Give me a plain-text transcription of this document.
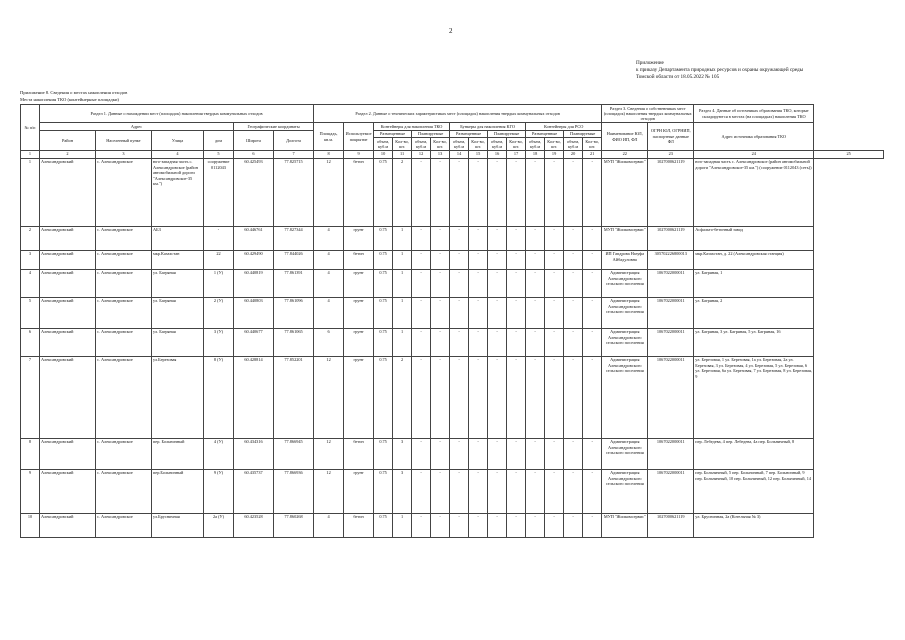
2
Приложение
к приказу Департамента природных ресурсов и охраны окружающей среды
Томской области от 18.05.2022 № 105
Приложение 8. Сведения о местах накопления отходов
Места накопления ТКО (контейнерные площадки)
№ п/п	Раздел 1. Данные о нахождении мест (площадок) накопления твердых коммунальных отходов						Раздел 2. Данные о технических характеристиках мест (площадок) накопления твердых коммунальных отходов														Раздел 3. Сведения о собственниках мест (площадок) накопления твердых коммунальных отходов		Раздел 4. Данные об источниках образования ТКО, которые складируются в местах (на площадках) накопления ТКО	
	Адрес				Географические координаты		Площадь, кв.м.	Используемое покрытие	Контейнеры для накопления ТКО				Бункеры для накопления КГО				Контейнеры для РСО				Наименование ЮЛ, ФИО ИП, ФЛ	ОГРН ЮЛ, ОГРНИП, паспортные данные ФЛ	Адрес источника образования ТКО	
	Район	Населенный пункт	Улица	дом	Широта	Долгота			Размещенные		Планируемые		Размещенные		Планируемые		Размещенные		Планируемые					
									объем, куб.м	Кол-во, шт.	объем, куб.м	Кол-во, шт.	объем, куб.м	Кол-во, шт.	объем, куб.м	Кол-во, шт.	объем, куб.м	Кол-во, шт.	объем, куб.м	Кол-во, шт.				
1	2	3	4	5	6	7	8	9	10	11	12	13	14	15	16	17	18	19	20	21	22	23	24	25
1	Александровский	с. Александровское	юго-западная часть с. Александровское (район автомобильной дороги "Александровское-35 км.")	сооружение 0112043	60.425493	77.825715	12	бетон	0.75	2	-	-	-	-	-	-	-	-	-	-	МУП "Жилкомсервис"	1027000621119	юго-западная часть с. Александровское (район автомобильной дороги "Александровское-35 км.") (сооружение 0112043 (сеть))	
2	Александровский	с. Александровское	АБЗ	-	60.446761	77.827344	4	грунт	0.75	1	-	-	-	-	-	-	-	-	-	-	МУП "Жилкомсервис"	1027000621119	Асфальто-бетонный завод	
3	Александровский	с. Александровское	мкр.Казахстан	22	60.429490	77.844026	4	бетон	0.75	1	-	-	-	-	-	-	-	-	-	-	ИП Гапдрова Назуфа Айбадуловна	305702226800013	мкр.Казахстан, д. 22 (Александровская станция)	
4	Александровский	с. Александровское	ул. Багряная	1 (У)	60.440819	77.861391	4	грунт	0.75	1	-	-	-	-	-	-	-	-	-	-	Администрация Александровского сельского поселения	1067022000011	ул. Багряная, 1	
5	Александровский	с. Александровское	ул. Багряная	2 (У)	60.440803	77.861096	4	грунт	0.75	1	-	-	-	-	-	-	-	-	-	-	Администрация Александровского сельского поселения	1067022000011	ул. Багряная, 2	
6	Александровский	с. Александровское	ул. Багряная	3 (У)	60.440677	77.861065	6	грунт	0.75	1	-	-	-	-	-	-	-	-	-	-	Администрация Александровского сельского поселения	1067022000011	ул. Багряная, 3 ул. Багряная, 5 ул. Багряная, 16	
7	Александровский	с. Александровское	ул.Березовая	8 (У)	60.428814	77.852201	12	грунт	0.75	2	-	-	-	-	-	-	-	-	-	-	Администрация Александровского сельского поселения	1067022000011	ул. Березовая, 1 ул. Березовая, 1а ул. Березовая, 2а ул. Березовая, 3 ул. Березовая, 4 ул. Березовая, 5 ул. Березовая, 6 ул. Березовая, 6а ул. Березовая, 7 ул. Березовая, 8 ул. Березовая, 9	
8	Александровский	с. Александровское	пер. Больничный	4 (У)	60.434316	77.866945	12	бетон	0.75	3	-	-	-	-	-	-	-	-	-	-	Администрация Александровского сельского поселения	1067022000011	пер. Лебедева, 4 пер. Лебедева, 4а пер. Больничный, 8	
9	Александровский	с. Александровское	пер.Больничный	9 (У)	60.435737	77.866936	12	грунт	0.75	3	-	-	-	-	-	-	-	-	-	-	Администрация Александровского сельского поселения	1067022000011	пер. Больничный, 5 пер. Больничный, 7 пер. Больничный, 9 пер. Больничный, 10 пер. Больничный, 12 пер. Больничный, 14	
10	Александровский	с. Александровское	ул.Брусничная	2а (У)	60.423528	77.860268	4	бетон	0.75	1	-	-	-	-	-	-	-	-	-	-	МУП "Жилкомсервис"	1027000621119	ул. Брусничная, 2а (Котельная № 3)	
